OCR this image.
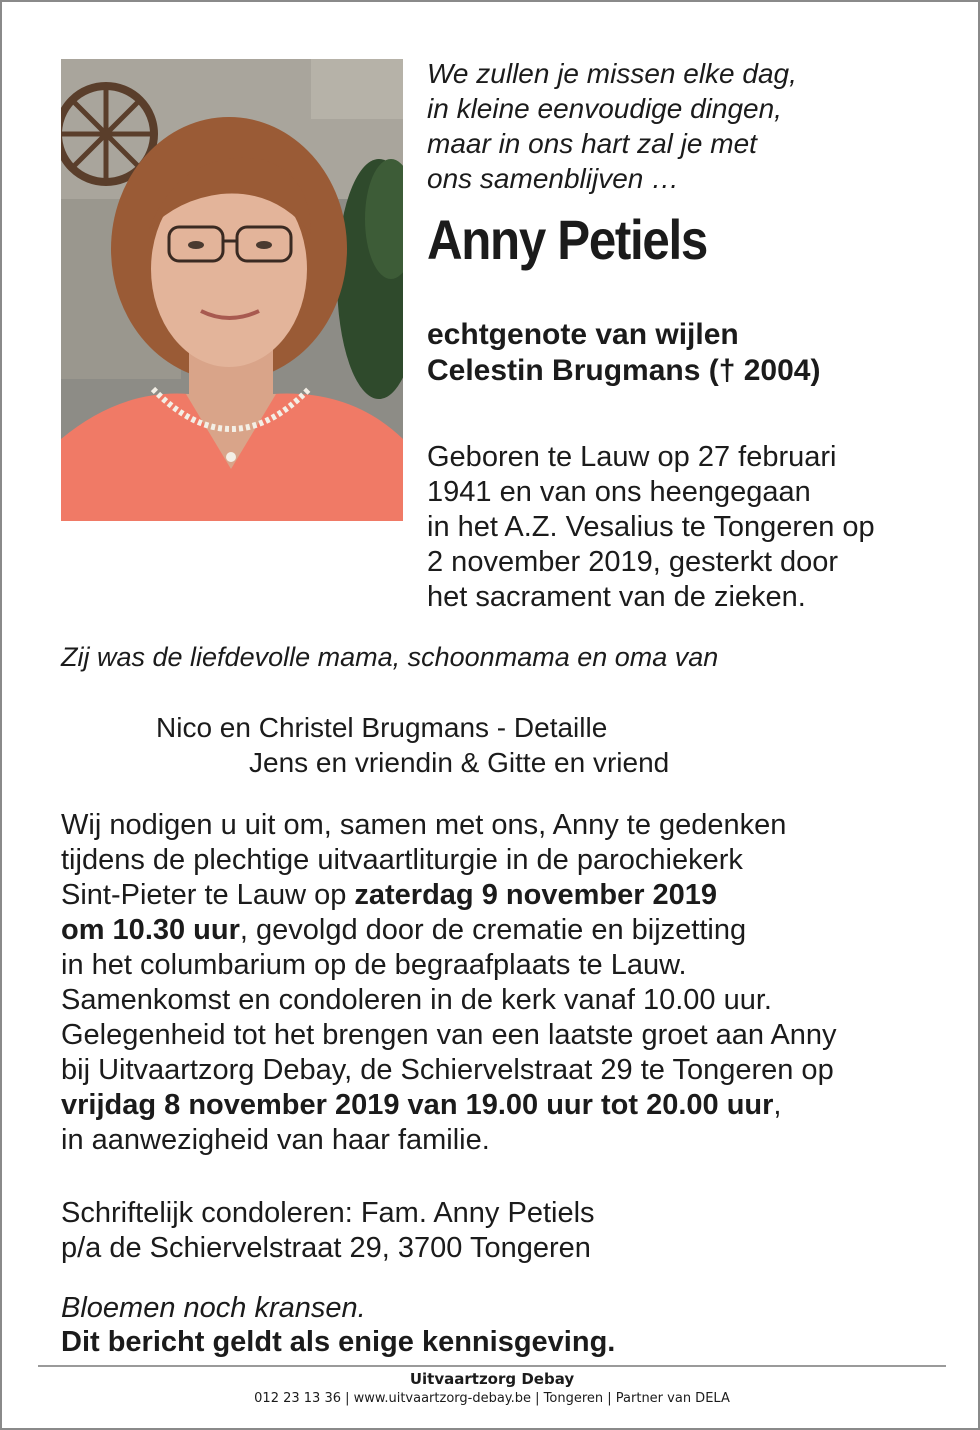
We zullen je missen elke dag,
in kleine eenvoudige dingen,
maar in ons hart zal je met
ons samenblijven …
Anny Petiels
echtgenote van wijlen
Celestin Brugmans († 2004)
Geboren te Lauw op 27 februari
1941 en van ons heengegaan
in het A.Z. Vesalius te Tongeren op
2 november 2019, gesterkt door
het sacrament van de zieken.
Zij was de liefdevolle mama, schoonmama en oma van
Nico en Christel Brugmans - Detaille
Jens en vriendin & Gitte en vriend
Wij nodigen u uit om, samen met ons, Anny te gedenken
tijdens de plechtige uitvaartliturgie in de parochiekerk
Sint-Pieter te Lauw op zaterdag 9 november 2019
om 10.30 uur, gevolgd door de crematie en bijzetting
in het columbarium op de begraafplaats te Lauw.
Samenkomst en condoleren in de kerk vanaf 10.00 uur.
Gelegenheid tot het brengen van een laatste groet aan Anny
bij Uitvaartzorg Debay, de Schiervelstraat 29 te Tongeren op
vrijdag 8 november 2019 van 19.00 uur tot 20.00 uur,
in aanwezigheid van haar familie.
Schriftelijk condoleren: Fam. Anny Petiels
p/a de Schiervelstraat 29, 3700 Tongeren
Bloemen noch kransen.
Dit bericht geldt als enige kennisgeving.
Uitvaartzorg Debay
012 23 13 36 | www.uitvaartzorg-debay.be | Tongeren | Partner van DELA
